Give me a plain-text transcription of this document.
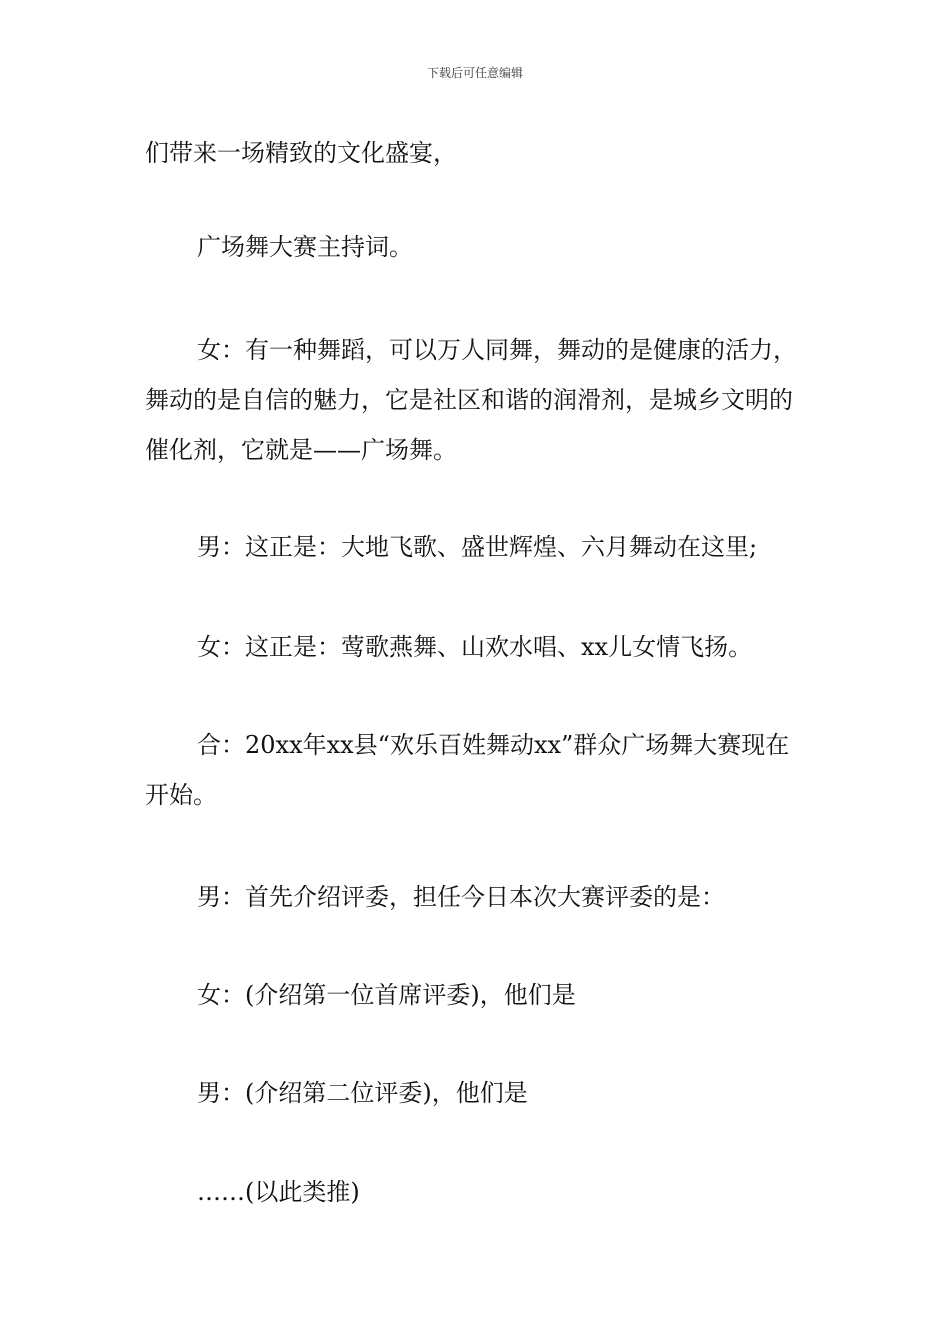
下载后可任意编辑

们带来一场精致的文化盛宴，

广场舞大赛主持词。

女：有一种舞蹈，可以万人同舞，舞动的是健康的活力，舞动的是自信的魅力，它是社区和谐的润滑剂，是城乡文明的催化剂，它就是——广场舞。

男：这正是：大地飞歌、盛世辉煌、六月舞动在这里;

女：这正是：莺歌燕舞、山欢水唱、xx儿女情飞扬。

合：20xx年xx县“欢乐百姓舞动xx”群众广场舞大赛现在开始。

男：首先介绍评委，担任今日本次大赛评委的是：

女：(介绍第一位首席评委)，他们是

男：(介绍第二位评委)，他们是

……(以此类推)
